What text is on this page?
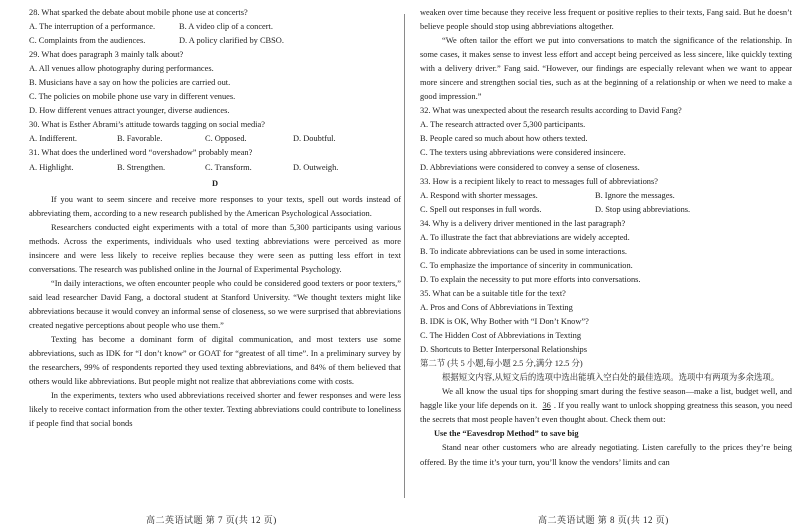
28. What sparked the debate about mobile phone use at concerts?

A. The interruption of a performance.	B. A video clip of a concert.
C. Complaints from the audiences.	D. A policy clarified by CBSO.

29. What does paragraph 3 mainly talk about?

A. All venues allow photography during performances.

B. Musicians have a say on how the policies are carried out.

C. The policies on mobile phone use vary in different venues.

D. How different venues attract younger, diverse audiences.

30. What is Esther Abrami’s attitude towards tagging on social media?

A. Indifferent.	B. Favorable.	C. Opposed.	D. Doubtful.

31. What does the underlined word “overshadow” probably mean?

A. Highlight.	B. Strengthen.	C. Transform.	D. Outweigh.

D

If you want to seem sincere and receive more responses to your texts, spell out words instead of abbreviating them, according to a new research published by the American Psychological Association.

Researchers conducted eight experiments with a total of more than 5,300 participants using various methods. Across the experiments, individuals who used texting abbreviations were perceived as more insincere and were less likely to receive replies because they were seen as putting less effort in text conversations. The research was published online in the Journal of Experimental Psychology.

“In daily interactions, we often encounter people who could be considered good texters or poor texters,” said lead researcher David Fang, a doctoral student at Stanford University. “We thought texters might like abbreviations because it would convey an informal sense of closeness, so we were surprised that abbreviations created negative perceptions about people who use them.”

Texting has become a dominant form of digital communication, and most texters use some abbreviations, such as IDK for “I don’t know” or GOAT for “greatest of all time”. In a preliminary survey by the researchers, 99% of respondents reported they used texting abbreviations, and 84% of them believed that others would like abbreviations. But people might not realize that abbreviations come with costs.

In the experiments, texters who used abbreviations received shorter and fewer responses and were less likely to receive contact information from the other texter. Texting abbreviations could contribute to loneliness if people find that social bonds

weaken over time because they receive less frequent or positive replies to their texts, Fang said. But he doesn’t believe people should stop using abbreviations altogether.

“We often tailor the effort we put into conversations to match the significance of the relationship. In some cases, it makes sense to invest less effort and accept being perceived as less sincere, like quickly texting with a delivery driver.” Fang said. “However, our findings are especially relevant when we want to appear more sincere and strengthen social ties, such as at the beginning of a relationship or when we need to make a good impression.”

32. What was unexpected about the research results according to David Fang?

A. The research attracted over 5,300 participants.

B. People cared so much about how others texted.

C. The texters using abbreviations were considered insincere.

D. Abbreviations were considered to convey a sense of closeness.

33. How is a recipient likely to react to messages full of abbreviations?

A. Respond with shorter messages.	B. Ignore the messages.
C. Spell out responses in full words.	D. Stop using abbreviations.

34. Why is a delivery driver mentioned in the last paragraph?

A. To illustrate the fact that abbreviations are widely accepted.

B. To indicate abbreviations can be used in some interactions.

C. To emphasize the importance of sincerity in communication.

D. To explain the necessity to put more efforts into conversations.

35. What can be a suitable title for the text?

A. Pros and Cons of Abbreviations in Texting

B. IDK is OK, Why Bother with “I Don’t Know”?

C. The Hidden Cost of Abbreviations in Texting

D. Shortcuts to Better Interpersonal Relationships

第二节 (共 5 小题,每小题 2.5 分,满分 12.5 分)

根据短文内容,从短文后的选项中选出能填入空白处的最佳选项。选项中有两项为多余选项。

We all know the usual tips for shopping smart during the festive season—make a list, budget well, and haggle like your life depends on it. 36 . If you really want to unlock shopping greatness this season, you need the secrets that most people haven’t even thought about. Check them out:

Use the “Eavesdrop Method” to save big

Stand near other customers who are already negotiating. Listen carefully to the prices they’re being offered. By the time it’s your turn, you’ll know the vendors’ limits and can

高二英语试题 第 7 页(共 12 页)	高二英语试题 第 8 页(共 12 页)
